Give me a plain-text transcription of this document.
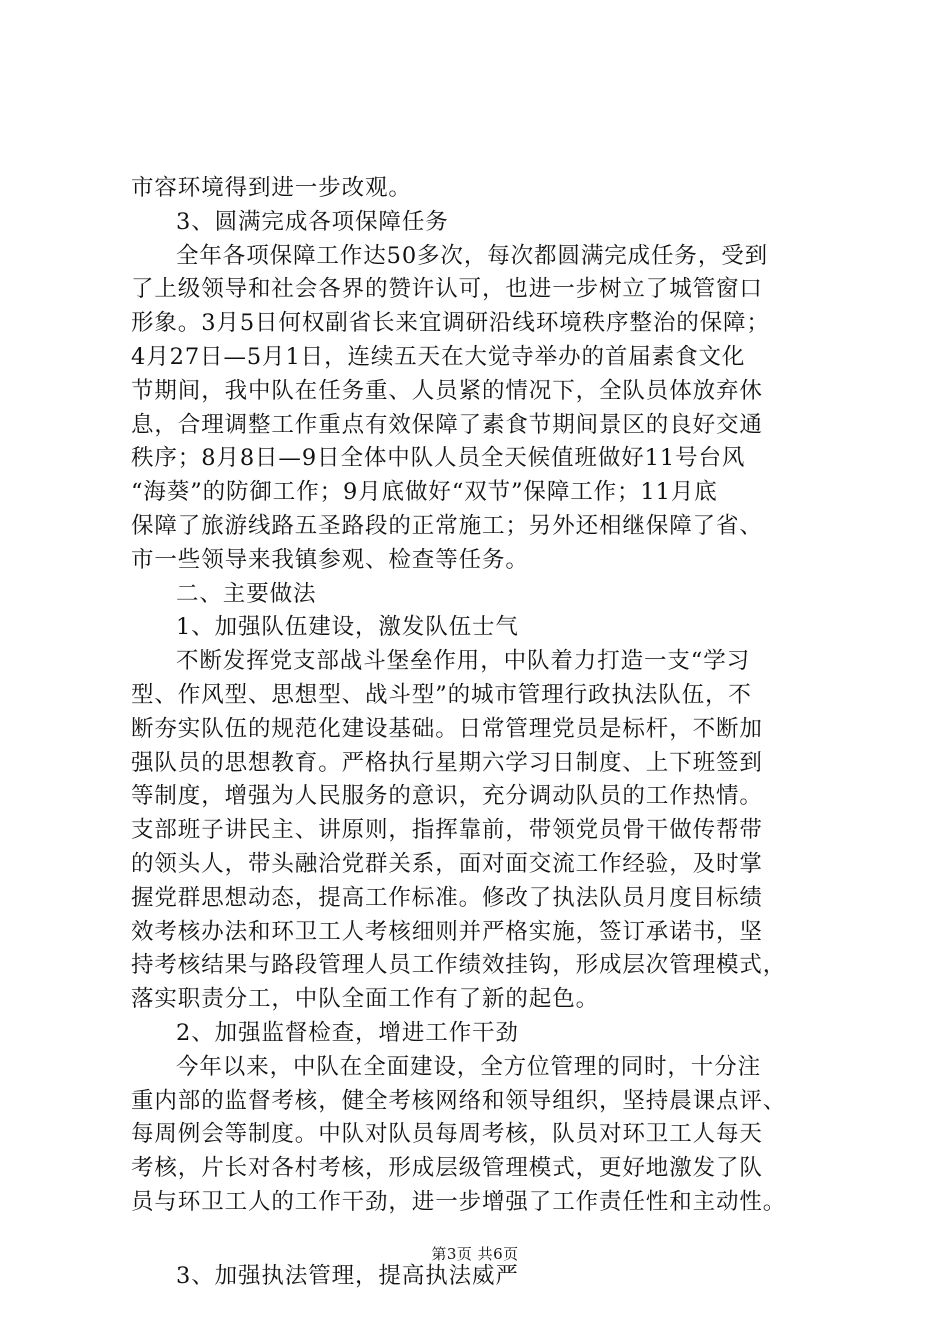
市容环境得到进一步改观。
3、圆满完成各项保障任务
全年各项保障工作达50多次，每次都圆满完成任务，受到
了上级领导和社会各界的赞许认可，也进一步树立了城管窗口
形象。3月5日何权副省长来宜调研沿线环境秩序整治的保障；
4月27日—5月1日，连续五天在大觉寺举办的首届素食文化
节期间，我中队在任务重、人员紧的情况下，全队员体放弃休
息，合理调整工作重点有效保障了素食节期间景区的良好交通
秩序；8月8日—9日全体中队人员全天候值班做好11号台风
“海葵”的防御工作；9月底做好“双节”保障工作；11月底
保障了旅游线路五圣路段的正常施工；另外还相继保障了省、
市一些领导来我镇参观、检查等任务。
二、主要做法
1、加强队伍建设，激发队伍士气
不断发挥党支部战斗堡垒作用，中队着力打造一支“学习
型、作风型、思想型、战斗型”的城市管理行政执法队伍，不
断夯实队伍的规范化建设基础。日常管理党员是标杆，不断加
强队员的思想教育。严格执行星期六学习日制度、上下班签到
等制度，增强为人民服务的意识，充分调动队员的工作热情。
支部班子讲民主、讲原则，指挥靠前，带领党员骨干做传帮带
的领头人，带头融洽党群关系，面对面交流工作经验，及时掌
握党群思想动态，提高工作标准。修改了执法队员月度目标绩
效考核办法和环卫工人考核细则并严格实施，签订承诺书，坚
持考核结果与路段管理人员工作绩效挂钩，形成层次管理模式，
落实职责分工，中队全面工作有了新的起色。
2、加强监督检查，增进工作干劲
今年以来，中队在全面建设，全方位管理的同时，十分注
重内部的监督考核，健全考核网络和领导组织，坚持晨课点评、
每周例会等制度。中队对队员每周考核，队员对环卫工人每天
考核，片长对各村考核，形成层级管理模式，更好地激发了队
员与环卫工人的工作干劲，进一步增强了工作责任性和主动性。
3、加强执法管理，提高执法威严
第3页 共6页
